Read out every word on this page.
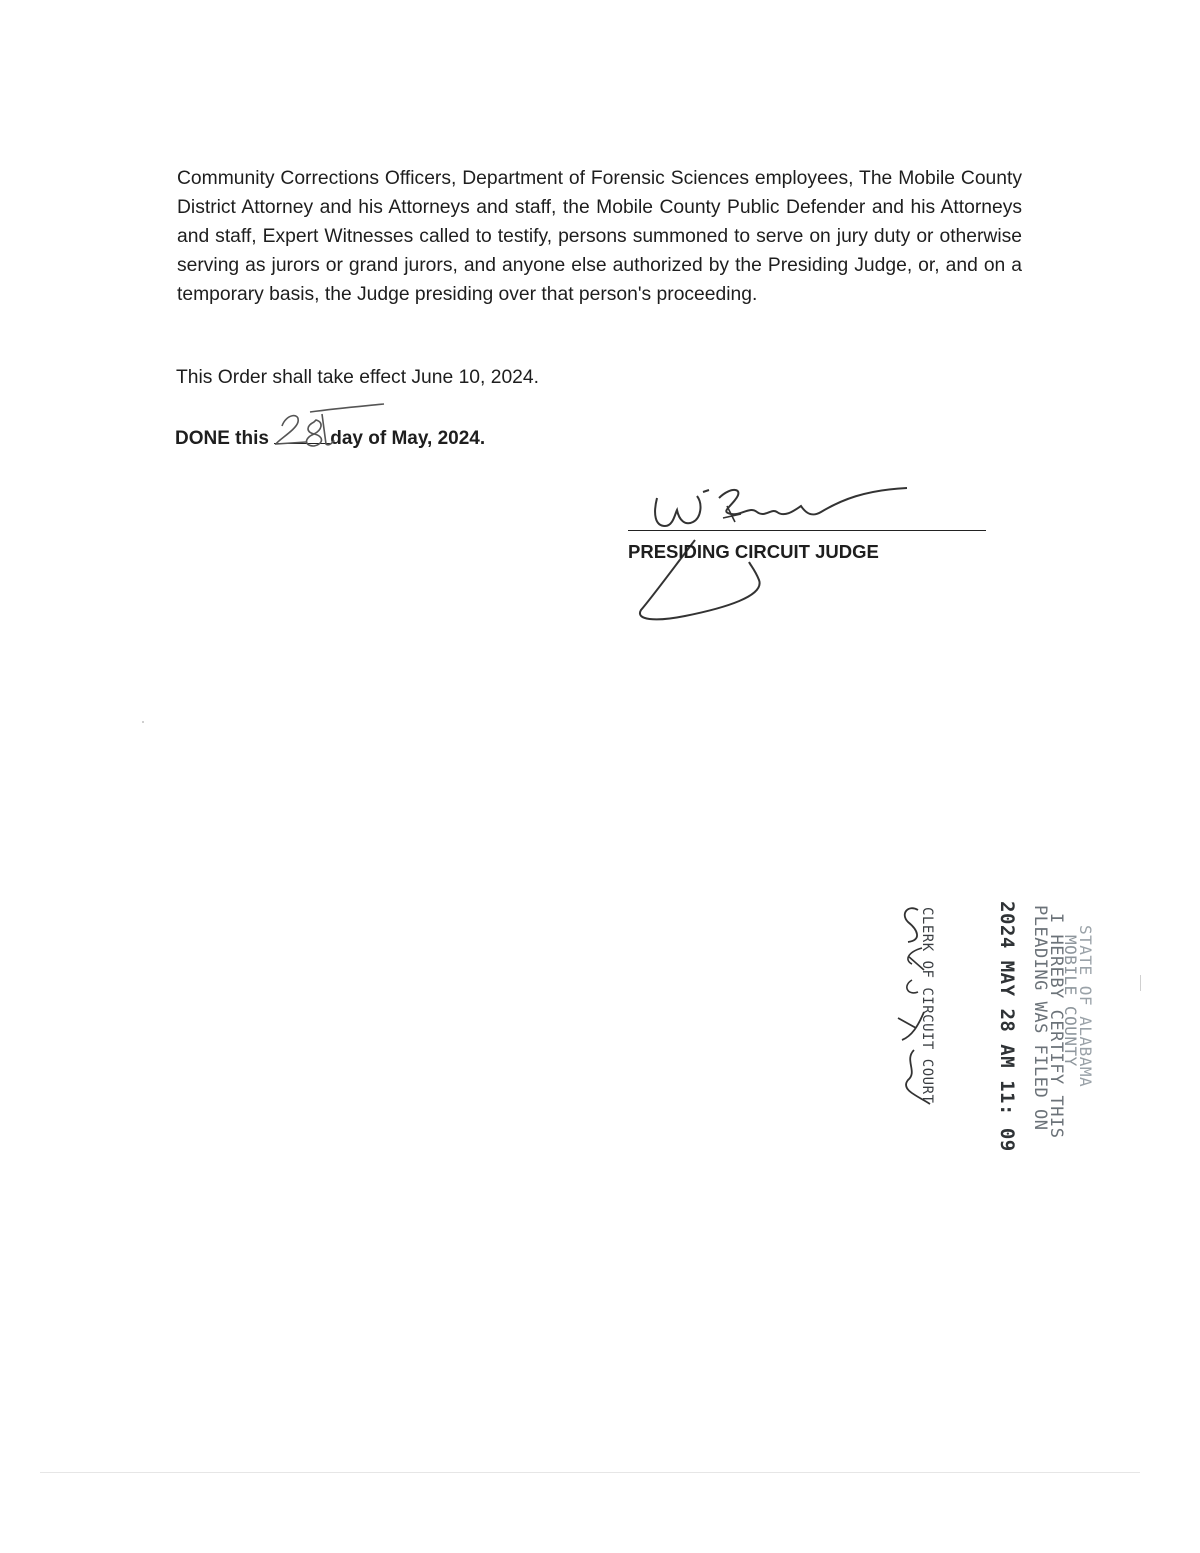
Community Corrections Officers, Department of Forensic Sciences employees, The Mobile County District Attorney and his Attorneys and staff, the Mobile County Public Defender and his Attorneys and staff, Expert Witnesses called to testify, persons summoned to serve on jury duty or otherwise serving as jurors or grand jurors, and anyone else authorized by the Presiding Judge, or, and on a temporary basis, the Judge presiding over that person's proceeding.

This Order shall take effect June 10, 2024.

DONE this	day of May, 2024.

PRESIDING CIRCUIT JUDGE

STATE OF ALABAMA
MOBILE COUNTY
I HEREBY CERTIFY THIS
PLEADING WAS FILED ON
2024 MAY 28 AM 11: 09
CLERK OF CIRCUIT COURT
